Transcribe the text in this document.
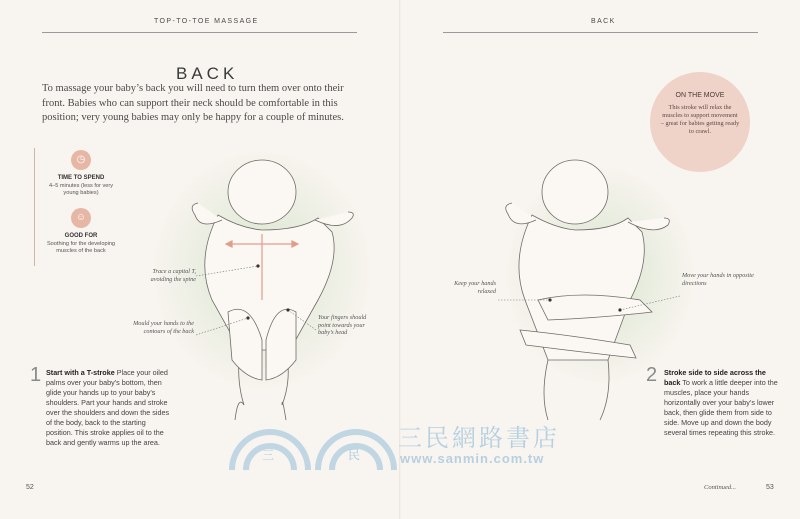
TOP-TO-TOE MASSAGE
BACK
To massage your baby’s back you will need to turn them over onto their front. Babies who can support their neck should be comfortable in this position; very young babies may only be happy for a couple of minutes.
◷
TIME TO SPEND
4–5 minutes (less for very young babies)
☺
GOOD FOR
Soothing for the developing muscles of the back
Trace a capital T, avoiding the spine
Mould your hands to the contours of the back
Your fingers should point towards your baby’s head
1 Start with a T-stroke Place your oiled palms over your baby’s bottom, then glide your hands up to your baby’s shoulders. Part your hands and stroke over the shoulders and down the sides of the body, back to the starting position. This stroke applies oil to the back and gently warms up the area.
52
BACK
ON THE MOVE
This stroke will relax the muscles to support movement – great for babies getting ready to crawl.
Keep your hands relaxed
Move your hands in opposite directions
2 Stroke side to side across the back To work a little deeper into the muscles, place your hands horizontally over your baby’s lower back, then glide them from side to side. Move up and down the body several times repeating this stroke.
Continued...	53
三	民
三民網路書店
www.sanmin.com.tw
